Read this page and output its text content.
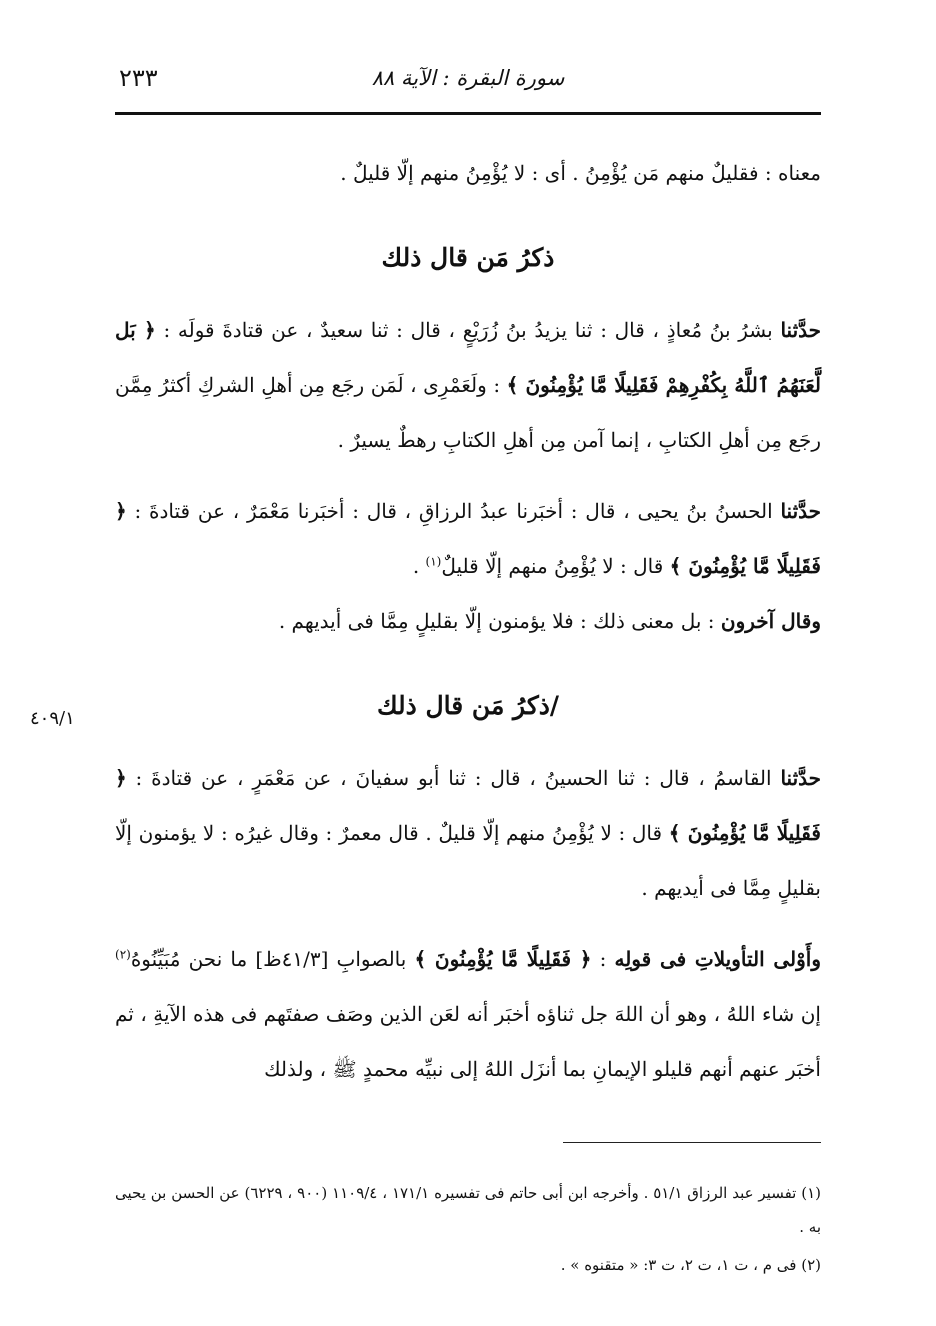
٢٣٣	سورة البقرة : الآية ٨٨
٤٠٩/١

معناه : فقليلٌ منهم مَن يُؤْمِنُ . أى : لا يُؤْمِنُ منهم إلّا قليلٌ .

ذكرُ مَن قال ذلك

حدَّثنا بشرُ بنُ مُعاذٍ ، قال : ثنا يزيدُ بنُ زُرَيْعٍ ، قال : ثنا سعيدٌ ، عن قتادةَ قولَه : ﴿ بَل لَّعَنَهُمُ ٱللَّهُ بِكُفْرِهِمْ فَقَلِيلًا مَّا يُؤْمِنُونَ ﴾ : ولَعَمْرِى ، لَمَن رجَع مِن أهلِ الشركِ أكثرُ مِمَّن رجَع مِن أهلِ الكتابِ ، إنما آمن مِن أهلِ الكتابِ رهطٌ يسيرٌ .

حدَّثنا الحسنُ بنُ يحيى ، قال : أخبَرنا عبدُ الرزاقِ ، قال : أخبَرنا مَعْمَرٌ ، عن قتادةَ : ﴿ فَقَلِيلًا مَّا يُؤْمِنُونَ ﴾ قال : لا يُؤْمِنُ منهم إلّا قليلٌ$^{(١)}$ .

وقال آخرون : بل معنى ذلك : فلا يؤمنون إلّا بقليلٍ مِمَّا فى أيديهم .

/ذكرُ مَن قال ذلك

حدَّثنا القاسمُ ، قال : ثنا الحسينُ ، قال : ثنا أبو سفيانَ ، عن مَعْمَرٍ ، عن قتادةَ : ﴿ فَقَلِيلًا مَّا يُؤْمِنُونَ ﴾ قال : لا يُؤْمِنُ منهم إلّا قليلٌ . قال معمرٌ : وقال غيرُه : لا يؤمنون إلّا بقليلٍ مِمَّا فى أيديهم .

وأَوْلى التأويلاتِ فى قولِه : ﴿ فَقَلِيلًا مَّا يُؤْمِنُونَ ﴾ بالصوابِ [٤١/٣ظ] ما نحن مُبَيِّنُوهُ$^{(٢)}$ إن شاء اللهُ ، وهو أن اللهَ جل ثناؤه أخبَر أنه لعَن الذين وصَف صفتَهم فى هذه الآيةِ ، ثم أخبَر عنهم أنهم قليلو الإيمانِ بما أنزَل اللهُ إلى نبيِّه محمدٍ ﷺ ، ولذلك

(١) تفسير عبد الرزاق ٥١/١ . وأخرجه ابن أبى حاتم فى تفسيره ١٧١/١ ، ١١٠٩/٤ (٩٠٠ ، ٦٢٢٩) عن الحسن بن يحيى به .

(٢) فى م ، ت ١، ت ٢، ت ٣: « متقنوه » .
